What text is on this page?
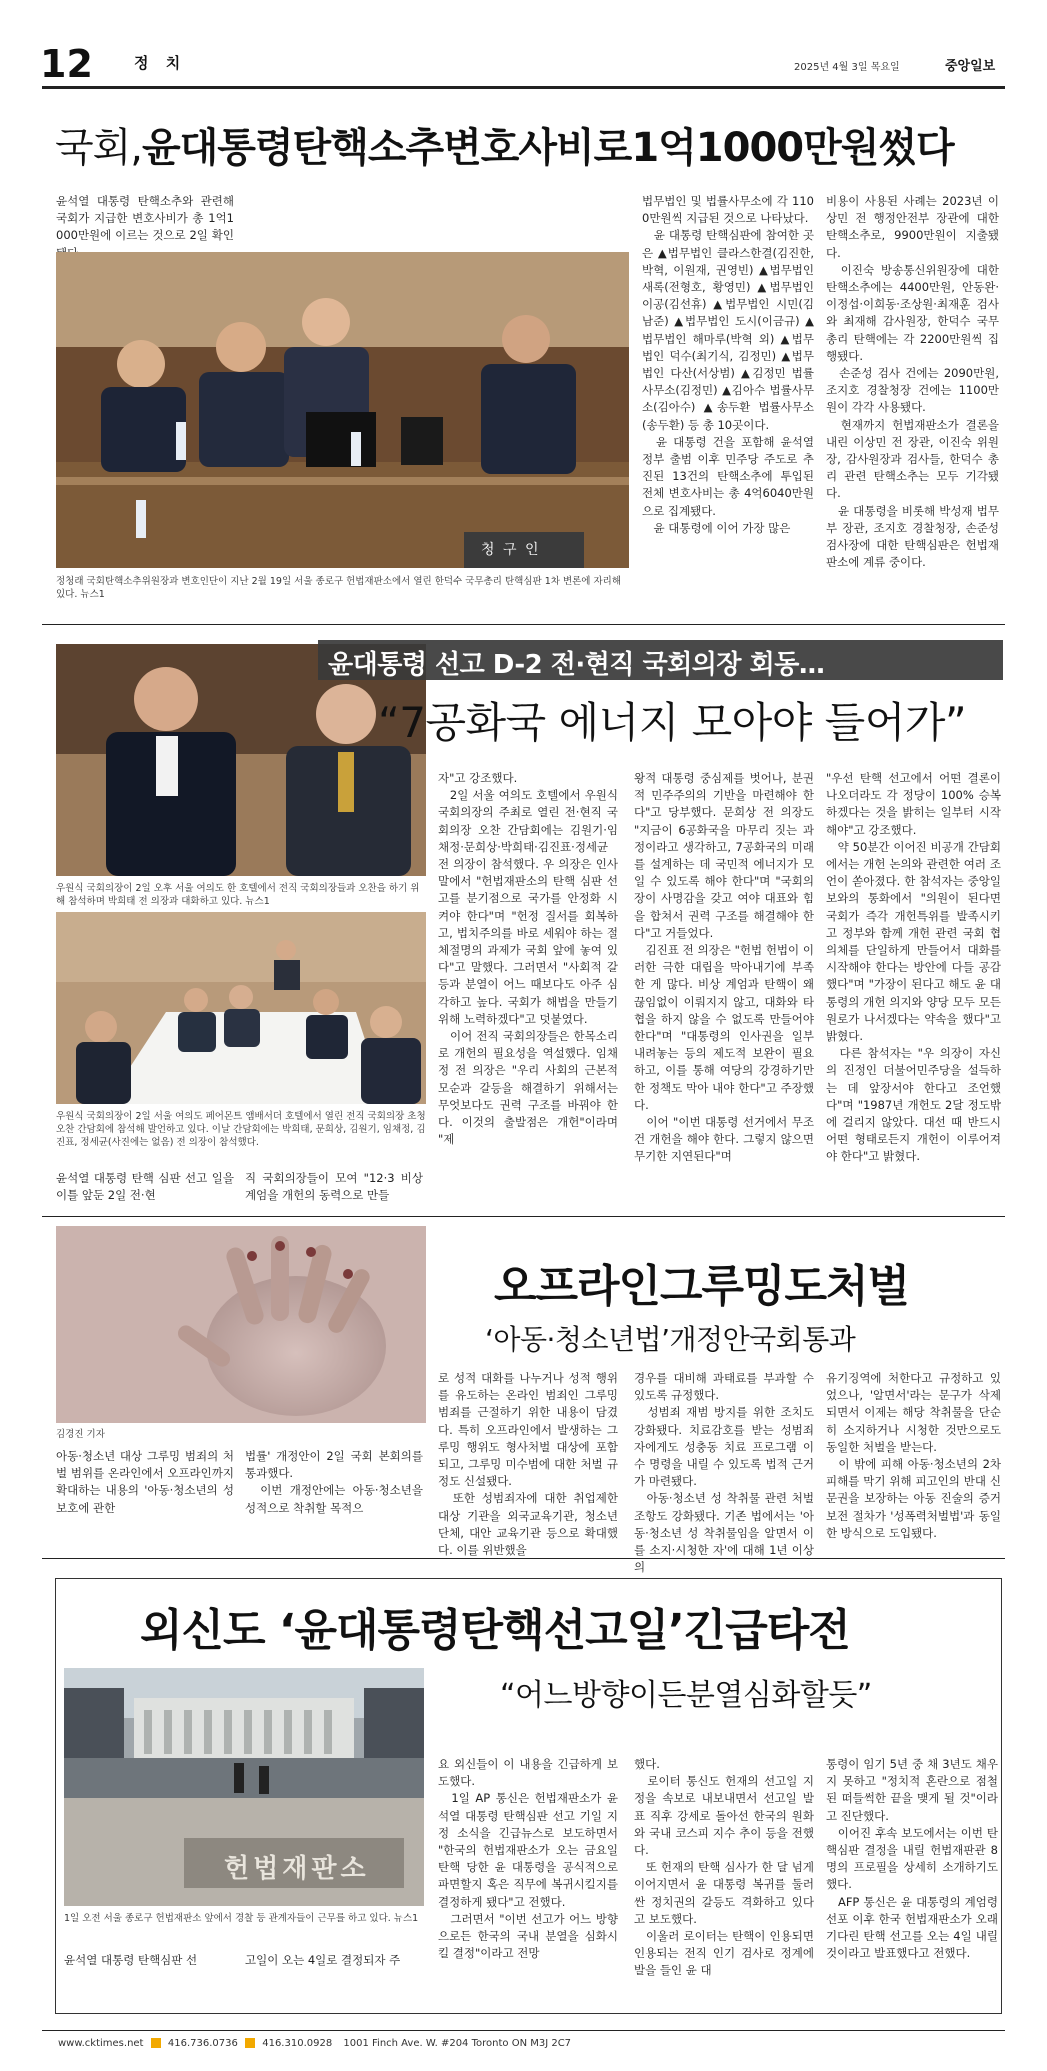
12	정 치	2025년 4월 3일 목요일	중앙일보
국회,윤대통령탄핵소추변호사비로1억1000만원썼다
윤석열 대통령 탄핵소추와 관련해 국회가 지급한 변호사비가 총 1억1000만원에 이르는 것으로 2일 확인

청 구 인
정청래 국회탄핵소추위원장과 변호인단이 지난 2월 19일 서울 종로구 헌법재판소에서 열린 한덕수 국무총리 탄핵심판 1차 변론에 자리해 있다. 뉴스1
법무법인 및 법률사무소에 각 1100만원씩 지급된 것으로 나타났다.
　윤 대통령 탄핵심판에 참여한 곳은 ▲법무법인 클라스한결(김진한, 박혁, 이원재, 권영빈) ▲법무법인 새록(전형호, 황영민) ▲법무법인 이공(김선휴) ▲법무법인 시민(김남준) ▲법무법인 도시(이금규) ▲법무법인 해마루(박혁 외) ▲법무법인 덕수(최기식, 김정민) ▲법무법인 다산(서상범) ▲김정민 법률사무소(김정민) ▲김아수 법률사무소(김아수) ▲송두환 법률사무소(송두환) 등 총 10곳이다.
　윤 대통령 건을 포함해 윤석열 정부 출범 이후 민주당 주도로 추진된 13건의 탄핵소추에 투입된 전체 변호사비는 총 4억6040만원으로 집계됐다.
　윤 대통령에 이어 가장 많은
비용이 사용된 사례는 2023년 이상민 전 행정안전부 장관에 대한 탄핵소추로, 9900만원이 지출됐다.
　이진숙 방송통신위원장에 대한 탄핵소추에는 4400만원, 안동완·이정섭·이희동·조상원·최재훈 검사와 최재해 감사원장, 한덕수 국무총리 탄핵에는 각 2200만원씩 집행됐다.
　손준성 검사 건에는 2090만원, 조지호 경찰청장 건에는 1100만원이 각각 사용됐다.
　현재까지 헌법재판소가 결론을 내린 이상민 전 장관, 이진숙 위원장, 감사원장과 검사들, 한덕수 총리 관련 탄핵소추는 모두 기각됐다.
　윤 대통령을 비롯해 박성재 법무부 장관, 조지호 경찰청장, 손준성 검사장에 대한 탄핵심판은 헌법재판소에 계류 중이다.
윤대통령 선고 D-2 전·현직 국회의장 회동…
“7공화국 에너지 모아야 들어가”
우원식 국회의장이 2일 오후 서울 여의도 한 호텔에서 전직 국회의장들과 오찬을 하기 위해 참석하며 박희태 전 의장과 대화하고 있다. 뉴스1
우원식 국회의장이 2일 서울 여의도 페어몬트 앰배서더 호텔에서 열린 전직 국회의장 초청 오찬 간담회에 참석해 발언하고 있다. 이날 간담회에는 박희태, 문희상, 김원기, 임채정, 김진표, 정세균(사진에는 없음) 전 의장이 참석했다.
윤석열 대통령 탄핵 심판 선고 일을 이틀 앞둔 2일 전·현
직 국회의장들이 모여 "12·3 비상계엄을 개헌의 동력으로 만들
자"고 강조했다.
　2일 서울 여의도 호텔에서 우원식 국회의장의 주최로 열린 전·현직 국회의장 오찬 간담회에는 김원기·임채정·문희상·박희태·김진표·정세균 전 의장이 참석했다. 우 의장은 인사말에서 "헌법재판소의 탄핵 심판 선고를 분기점으로 국가를 안정화 시켜야 한다"며 "헌정 질서를 회복하고, 법치주의를 바로 세워야 하는 절체절명의 과제가 국회 앞에 놓여 있다"고 말했다. 그러면서 "사회적 갈등과 분열이 어느 때보다도 아주 심각하고 높다. 국회가 해법을 만들기 위해 노력하겠다"고 덧붙였다.
　이어 전직 국회의장들은 한목소리로 개헌의 필요성을 역설했다. 임채정 전 의장은 "우리 사회의 근본적 모순과 갈등을 해결하기 위해서는 무엇보다도 권력 구조를 바꿔야 한다. 이것의 출발점은 개헌"이라며 "제
왕적 대통령 중심제를 벗어나, 분권적 민주주의의 기반을 마련해야 한다"고 당부했다. 문희상 전 의장도 "지금이 6공화국을 마무리 짓는 과정이라고 생각하고, 7공화국의 미래를 설계하는 데 국민적 에너지가 모일 수 있도록 해야 한다"며 "국회의장이 사명감을 갖고 여야 대표와 힘을 합쳐서 권력 구조를 해결해야 한다"고 거들었다.
　김진표 전 의장은 "헌법 헌법이 이러한 극한 대립을 막아내기에 부족한 게 많다. 비상 계엄과 탄핵이 왜 끊임없이 이뤄지지 않고, 대화와 타협을 하지 않을 수 없도록 만들어야 한다"며 "대통령의 인사권을 일부 내려놓는 등의 제도적 보완이 필요하고, 이를 통해 여당의 강경하기만 한 정책도 막아 내야 한다"고 주장했다.
　이어 "이번 대통령 선거에서 무조건 개헌을 해야 한다. 그렇지 않으면 무기한 지연된다"며
"우선 탄핵 선고에서 어떤 결론이 나오더라도 각 정당이 100% 승복하겠다는 것을 밝히는 일부터 시작해야"고 강조했다.
　약 50분간 이어진 비공개 간담회에서는 개헌 논의와 관련한 여러 조언이 쏟아졌다. 한 참석자는 중앙일보와의 통화에서 "의원이 된다면 국회가 즉각 개헌특위를 발족시키고 정부와 함께 개헌 관련 국회 협의체를 단일하게 만들어서 대화를 시작해야 한다는 방안에 다들 공감했다"며 "가장이 된다고 해도 윤 대통령의 개헌 의지와 양당 모두 모든 원로가 나서겠다는 약속을 했다"고 밝혔다.
　다른 참석자는 "우 의장이 자신의 진정인 더불어민주당을 설득하는 데 앞장서야 한다고 조언했다"며 "1987년 개헌도 2달 정도밖에 걸리지 않았다. 대선 때 반드시 어떤 형태로든지 개헌이 이루어져야 한다"고 밝혔다.
김경진 기자
오프라인그루밍도처벌
‘아동·청소년법’개정안국회통과
아동·청소년 대상 그루밍 범죄의 처벌 범위를 온라인에서 오프라인까지 확대하는 내용의 '아동·청소년의 성보호에 관한
법률' 개정안이 2일 국회 본회의를 통과했다.
　이번 개정안에는 아동·청소년을 성적으로 착취할 목적으
로 성적 대화를 나누거나 성적 행위를 유도하는 온라인 범죄인 그루밍 범죄를 근절하기 위한 내용이 담겼다. 특히 오프라인에서 발생하는 그루밍 행위도 형사처벌 대상에 포함되고, 그루밍 미수범에 대한 처벌 규정도 신설됐다.
　또한 성범죄자에 대한 취업제한 대상 기관을 외국교육기관, 청소년 단체, 대안 교육기관 등으로 확대했다. 이를 위반했을
경우를 대비해 과태료를 부과할 수 있도록 규정했다.
　성범죄 재범 방지를 위한 조치도 강화됐다. 치료감호를 받는 성범죄자에게도 성충동 치료 프로그램 이수 명령을 내릴 수 있도록 법적 근거가 마련됐다.
　아동·청소년 성 착취물 관련 처벌 조항도 강화됐다. 기존 법에서는 '아동·청소년 성 착취물임을 알면서 이를 소지·시청한 자'에 대해 1년 이상의
유기징역에 처한다고 규정하고 있었으나, '알면서'라는 문구가 삭제되면서 이제는 해당 착취물을 단순히 소지하거나 시청한 것만으로도 동일한 처벌을 받는다.
　이 밖에 피해 아동·청소년의 2차 피해를 막기 위해 피고인의 반대 신문권을 보장하는 아동 진술의 증거보전 절차가 '성폭력처벌법'과 동일한 방식으로 도입됐다.
외신도 ‘윤대통령탄핵선고일’긴급타전
“어느방향이든분열심화할듯”
헌법재판소
1일 오전 서울 종로구 헌법재판소 앞에서 경찰 등 관계자들이 근무를 하고 있다. 뉴스1
윤석열 대통령 탄핵심판 선	고일이 오는 4일로 결정되자 주
요 외신들이 이 내용을 긴급하게 보도했다.
　1일 AP 통신은 헌법재판소가 윤석열 대통령 탄핵심판 선고 기일 지정 소식을 긴급뉴스로 보도하면서 "한국의 헌법재판소가 오는 금요일 탄핵 당한 윤 대통령을 공식적으로 파면할지 혹은 직무에 복귀시킬지를 결정하게 됐다"고 전했다.
　그러면서 "이번 선고가 어느 방향으로든 한국의 국내 분열을 심화시킬 결정"이라고 전망
했다.
　로이터 통신도 헌재의 선고일 지정을 속보로 내보내면서 선고일 발표 직후 강세로 돌아선 한국의 원화와 국내 코스피 지수 추이 등을 전했다.
　또 헌재의 탄핵 심사가 한 달 넘게 이어지면서 윤 대통령 복귀를 둘러싼 정치권의 갈등도 격화하고 있다고 보도했다.
　이울러 로이터는 탄핵이 인용되면 인용되는 전직 인기 검사로 정계에 발을 들인 윤 대
통령이 임기 5년 중 채 3년도 채우지 못하고 "정치적 혼란으로 점철된 떠들썩한 끝을 맺게 될 것"이라고 진단했다.
　이어진 후속 보도에서는 이번 탄핵심판 결정을 내릴 헌법재판관 8명의 프로필을 상세히 소개하기도 했다.
　AFP 통신은 윤 대통령의 계엄령 선포 이후 한국 헌법재판소가 오래 기다린 탄핵 선고를 오는 4일 내릴 것이라고 발표했다고 전했다.
www.cktimes.net 416.736.0736 416.310.0928 1001 Finch Ave. W. #204 Toronto ON M3J 2C7
